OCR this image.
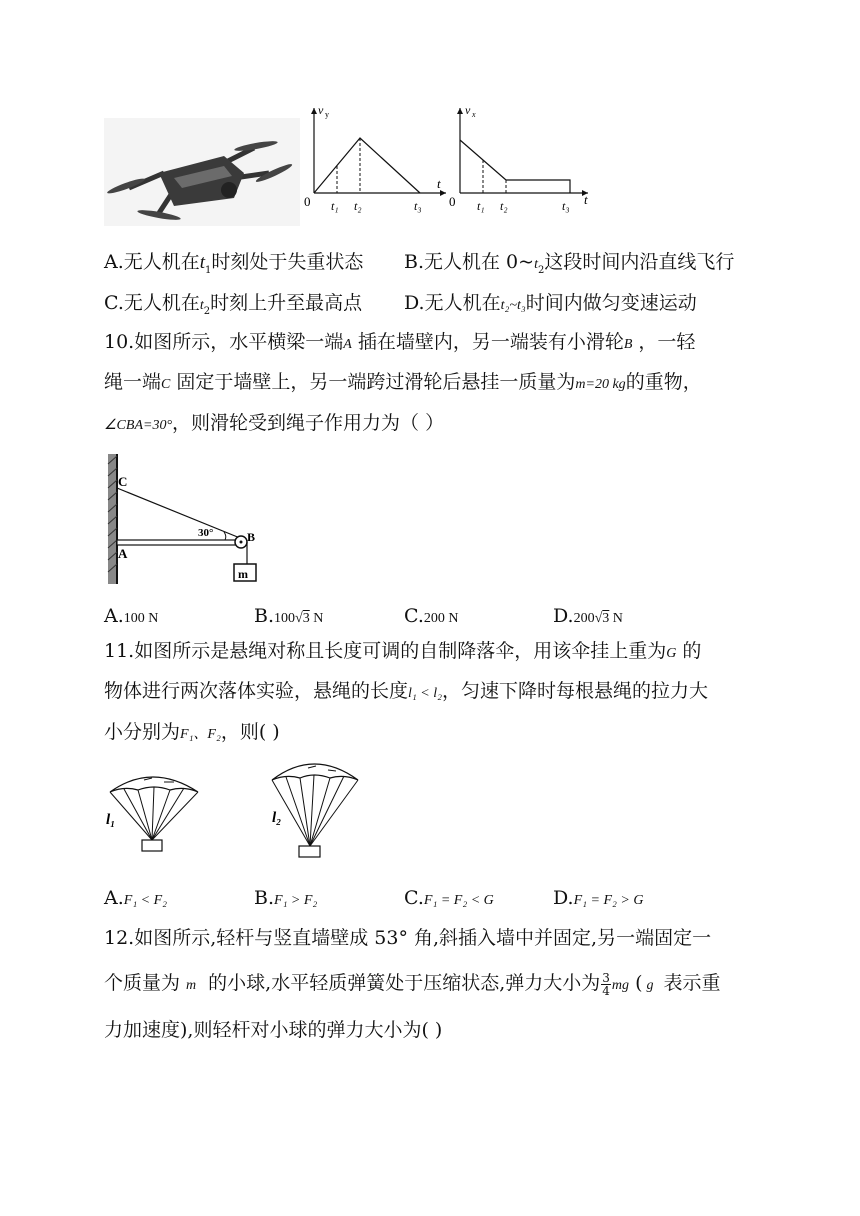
v y
t
0 t₁ t₂	t₃
v x
t
0 t₁ t₂	t₃
A.无人机在$t_1$时刻处于失重状态 B.无人机在 $0\sim t_2$这段时间内沿直线飞行
C.无人机在$t_2$时刻上升至最高点 D.无人机在t₂~t₃时间内做匀变速运动
10.如图所示，水平横梁一端A 插在墙壁内，另一端装有小滑轮B ，一轻
绳一端C 固定于墙壁上，另一端跨过滑轮后悬挂一质量为m=20 kg的重物，
∠CBA=30°，则滑轮受到绳子作用力为（ ）
m
C
A
B
30°
A.100 N	B.100√3 N	C.200 N	D.200√3 N
11.如图所示是悬绳对称且长度可调的自制降落伞，用该伞挂上重为G 的
物体进行两次落体实验，悬绳的长度l₁ < l₂，匀速下降时每根悬绳的拉力大
小分别为F₁、F₂，则( )
l₁	l₂
A.F₁ < F₂	B.F₁ > F₂	C.F₁ = F₂ < G	D.F₁ = F₂ > G
12.如图所示,轻杆与竖直墙壁成 53° 角,斜插入墙中并固定,另一端固定一
个质量为 m 的小球,水平轻质弹簧处于压缩状态,弹力大小为 $\frac{3}{4}$ mg ( g 表示重
力加速度),则轻杆对小球的弹力大小为( )
